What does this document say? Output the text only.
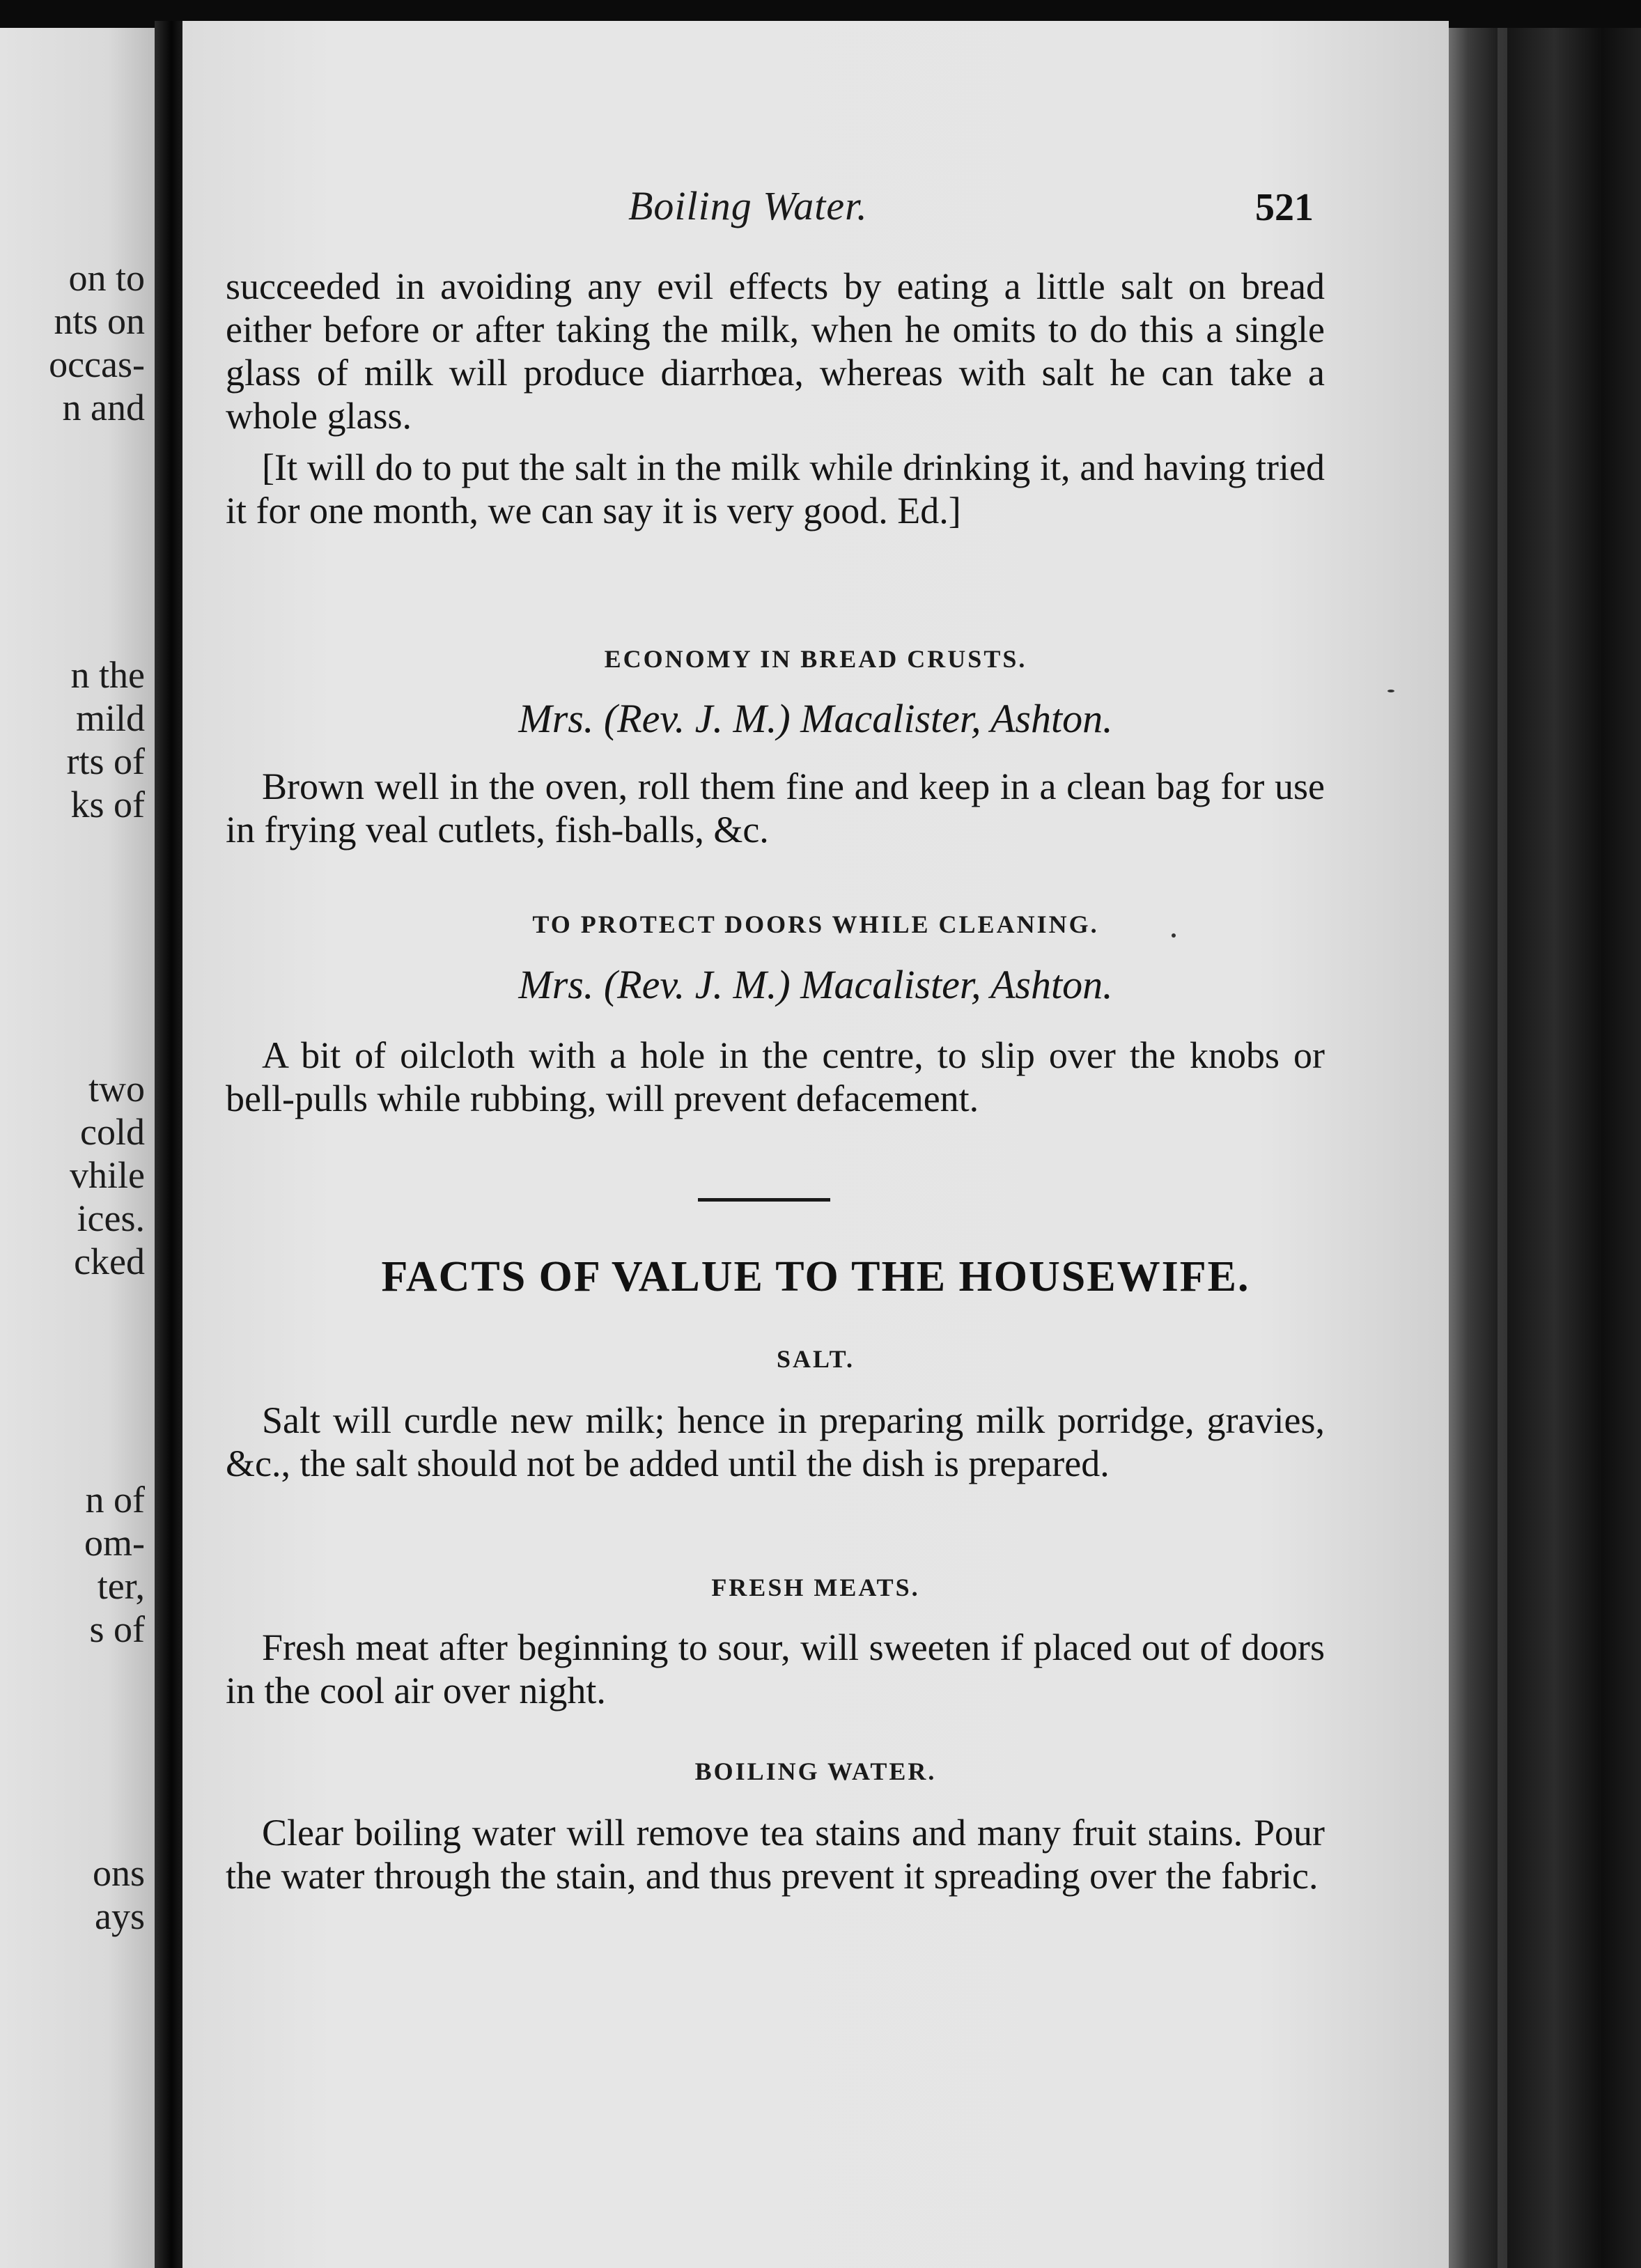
on to
nts on
occas-
n and
n the
mild
rts of
ks of
two
cold
vhile
ices.
cked
n of
om-
ter,
s of
ons
ays
Boiling Water.	521

succeeded in avoiding any evil effects by eating a little salt on bread either before or after taking the milk, when he omits to do this a single glass of milk will produce diarrhœa, whereas with salt he can take a whole glass.

[It will do to put the salt in the milk while drinking it, and having tried it for one month, we can say it is very good. Ed.]

ECONOMY IN BREAD CRUSTS.

Mrs. (Rev. J. M.) Macalister, Ashton.

Brown well in the oven, roll them fine and keep in a clean bag for use in frying veal cutlets, fish-balls, &c.

TO PROTECT DOORS WHILE CLEANING.

Mrs. (Rev. J. M.) Macalister, Ashton.

A bit of oilcloth with a hole in the centre, to slip over the knobs or bell-pulls while rubbing, will prevent defacement.

FACTS OF VALUE TO THE HOUSEWIFE.
SALT.

Salt will curdle new milk; hence in preparing milk porridge, gravies, &c., the salt should not be added until the dish is prepared.

FRESH MEATS.

Fresh meat after beginning to sour, will sweeten if placed out of doors in the cool air over night.

BOILING WATER.

Clear boiling water will remove tea stains and many fruit stains. Pour the water through the stain, and thus prevent it spreading over the fabric.
